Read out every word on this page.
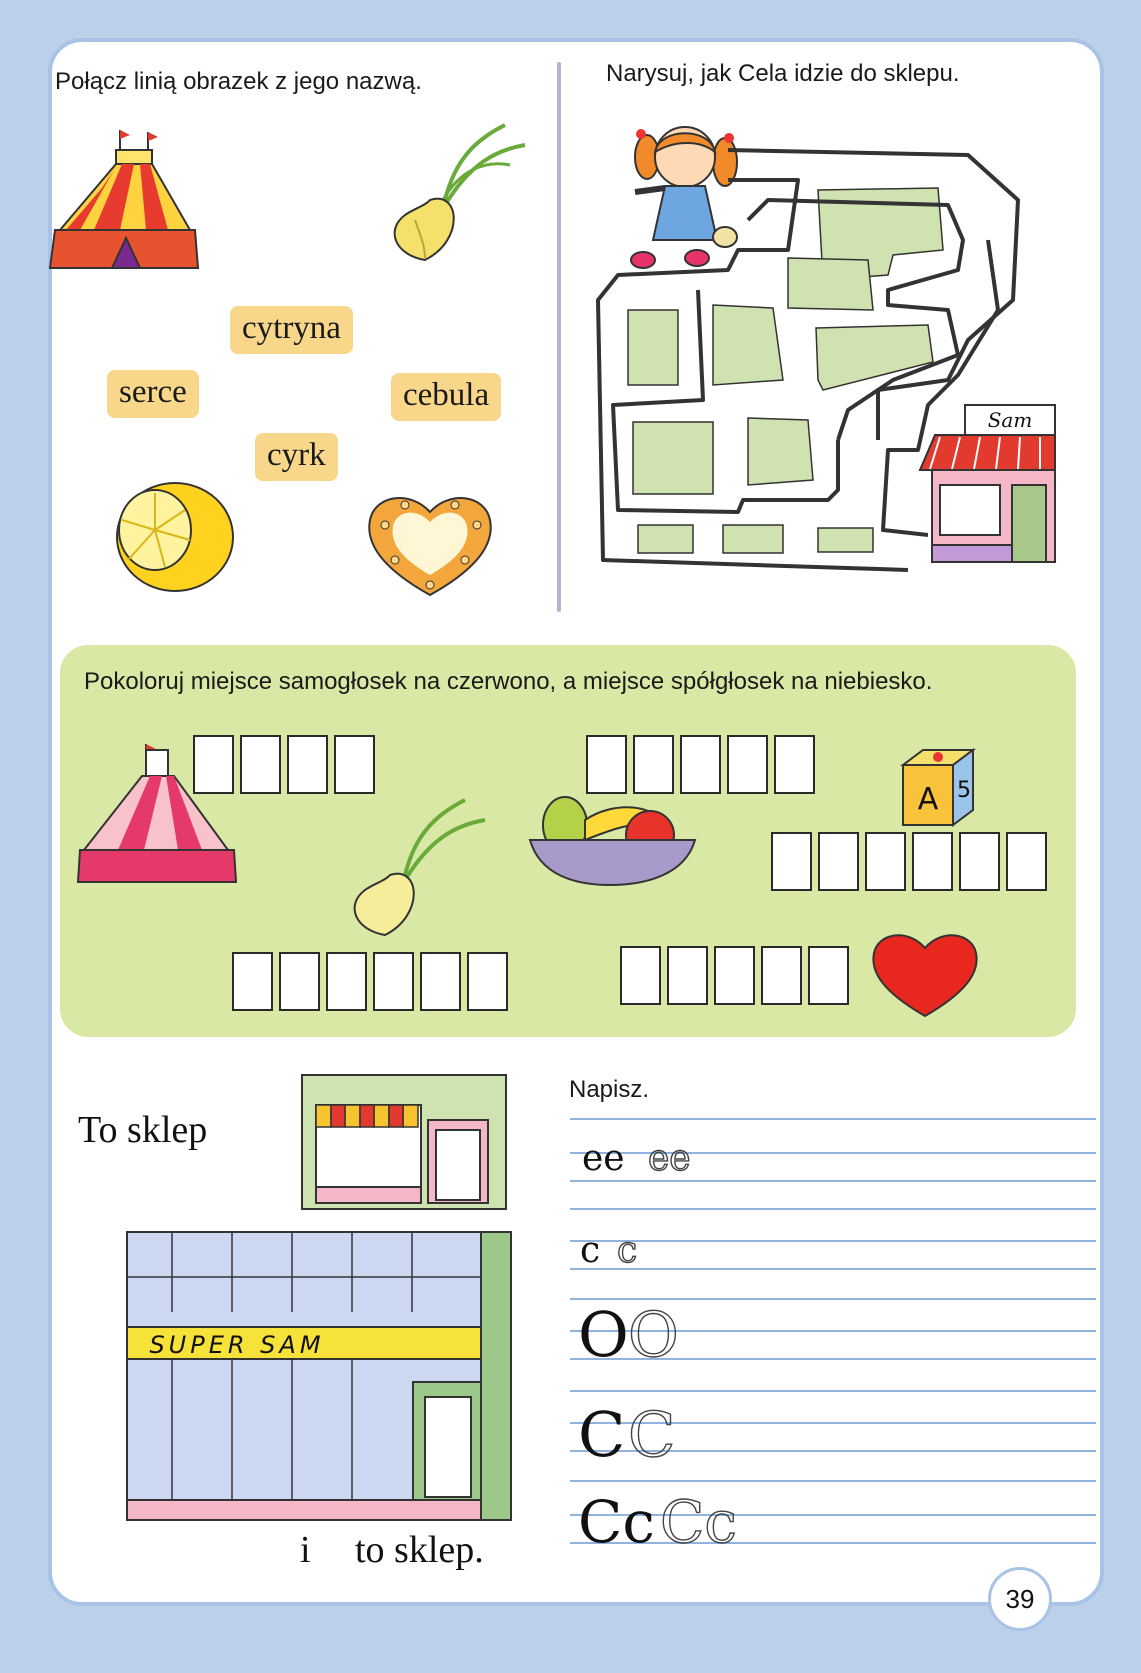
Połącz linią obrazek z jego nazwą.
cytryna
serce	cebula
cyrk
Narysuj, jak Cela idzie do sklepu.
Sam
Pokoloruj miejsce samogłosek na czerwono, a miejsce spółgłosek na niebiesko.
A 5
To sklep
SUPER SAM
i to sklep.
Napisz.
ee ee
c c
O O
C C
Cc Cc
39
